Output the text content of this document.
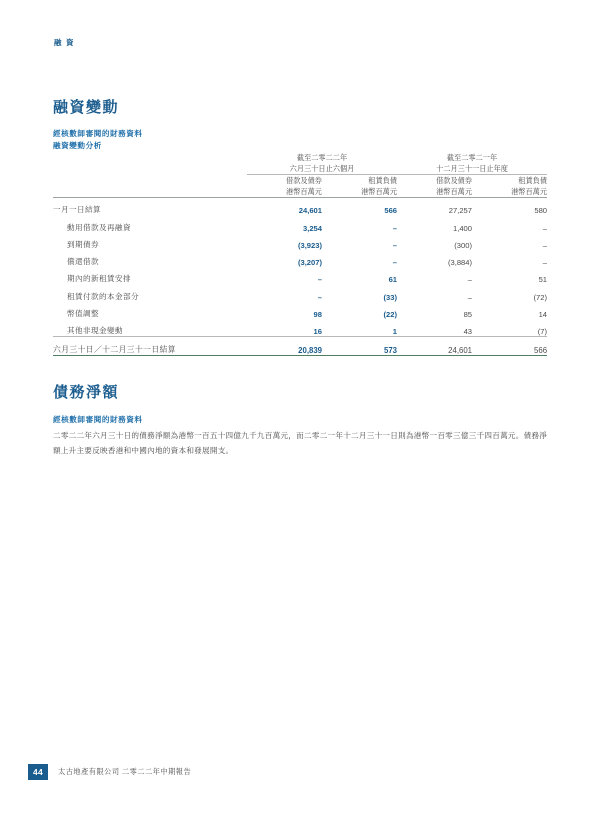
融 資
融資變動
經核數師審閱的財務資料
融資變動分析

截至二零二二年
六月三十日止六個月

截至二零二一年
十二月三十一日止年度

借款及債券
港幣百萬元

租賃負債
港幣百萬元

借款及債券
港幣百萬元

租賃負債
港幣百萬元

一月一日結算	24,601	566	27,257	580
動用借款及再融資	3,254	–	1,400	–
到期債券	(3,923)	–	(300)	–
償還借款	(3,207)	–	(3,884)	–
期內的新租賃安排	–	61	–	51
租賃付款的本金部分	–	(33)	–	(72)
幣值調整	98	(22)	85	14
其他非現金變動	16	1	43	(7)
六月三十日／十二月三十一日結算	20,839	573	24,601	566
債務淨額
經核數師審閱的財務資料
二零二二年六月三十日的債務淨額為港幣一百五十四億九千九百萬元，而二零二一年十二月三十一日則為港幣一百零三億三千四百萬元。債務淨額上升主要反映香港和中國內地的資本和發展開支。
44	太古地產有限公司 二零二二年中期報告
